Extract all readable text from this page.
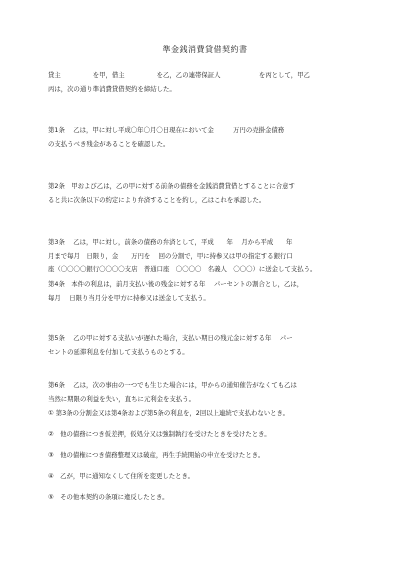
準金銭消費貸借契約書
貸主　　　　　を甲，借主　　　　　を乙，乙の連帯保証人　　　　　　を丙として，甲乙
丙は，次の通り準消費貸借契約を締結した。
第1条　 乙は，甲に対し平成〇年〇月〇日現在において金　　　万円の売掛金債務
の支払うべき残金があることを確認した。
第2条　甲および乙は，乙の甲に対する前条の債務を金銭消費貸借とすることに合意す
ると共に次条以下の約定により弁済することを約し，乙はこれを承認した。
第3条　 乙は，甲に対し，前条の債務の弁済として，平成　　年　 月から平成　　年
月まで毎月　日限り，金　　万円を　 回の分割で，甲に持参又は甲の指定する銀行口
座（〇〇〇〇銀行〇〇〇〇支店　普通口座　〇〇〇〇　名義人　〇〇〇）に送金して支払う。
第4条　本件の利息は，前月支払い後の残金に対する年　 パーセントの割合とし，乙は，
毎月　 日限り当月分を甲方に持参又は送金して支払う。
第5条　 乙の甲に対する支払いが遅れた場合，支払い期日の残元金に対する年　 パー
セントの延滞利息を付加して支払うものとする。
第6条　 乙は，次の事由の一つでも生じた場合には，甲からの通知催告がなくても乙は
当然に期限の利益を失い，直ちに元利金を支払う。
① 第3条の分割金又は第4条および第5条の利息を，2回以上連続で支払わないとき。
②　他の債務につき仮差押，仮処分又は強制執行を受けたときを受けたとき。
③　他の債権につき債務整理又は破産，再生手続開始の申立を受けたとき。
④　乙が，甲に通知なくして住所を変更したとき。
⑤　その他本契約の条項に違反したとき。
